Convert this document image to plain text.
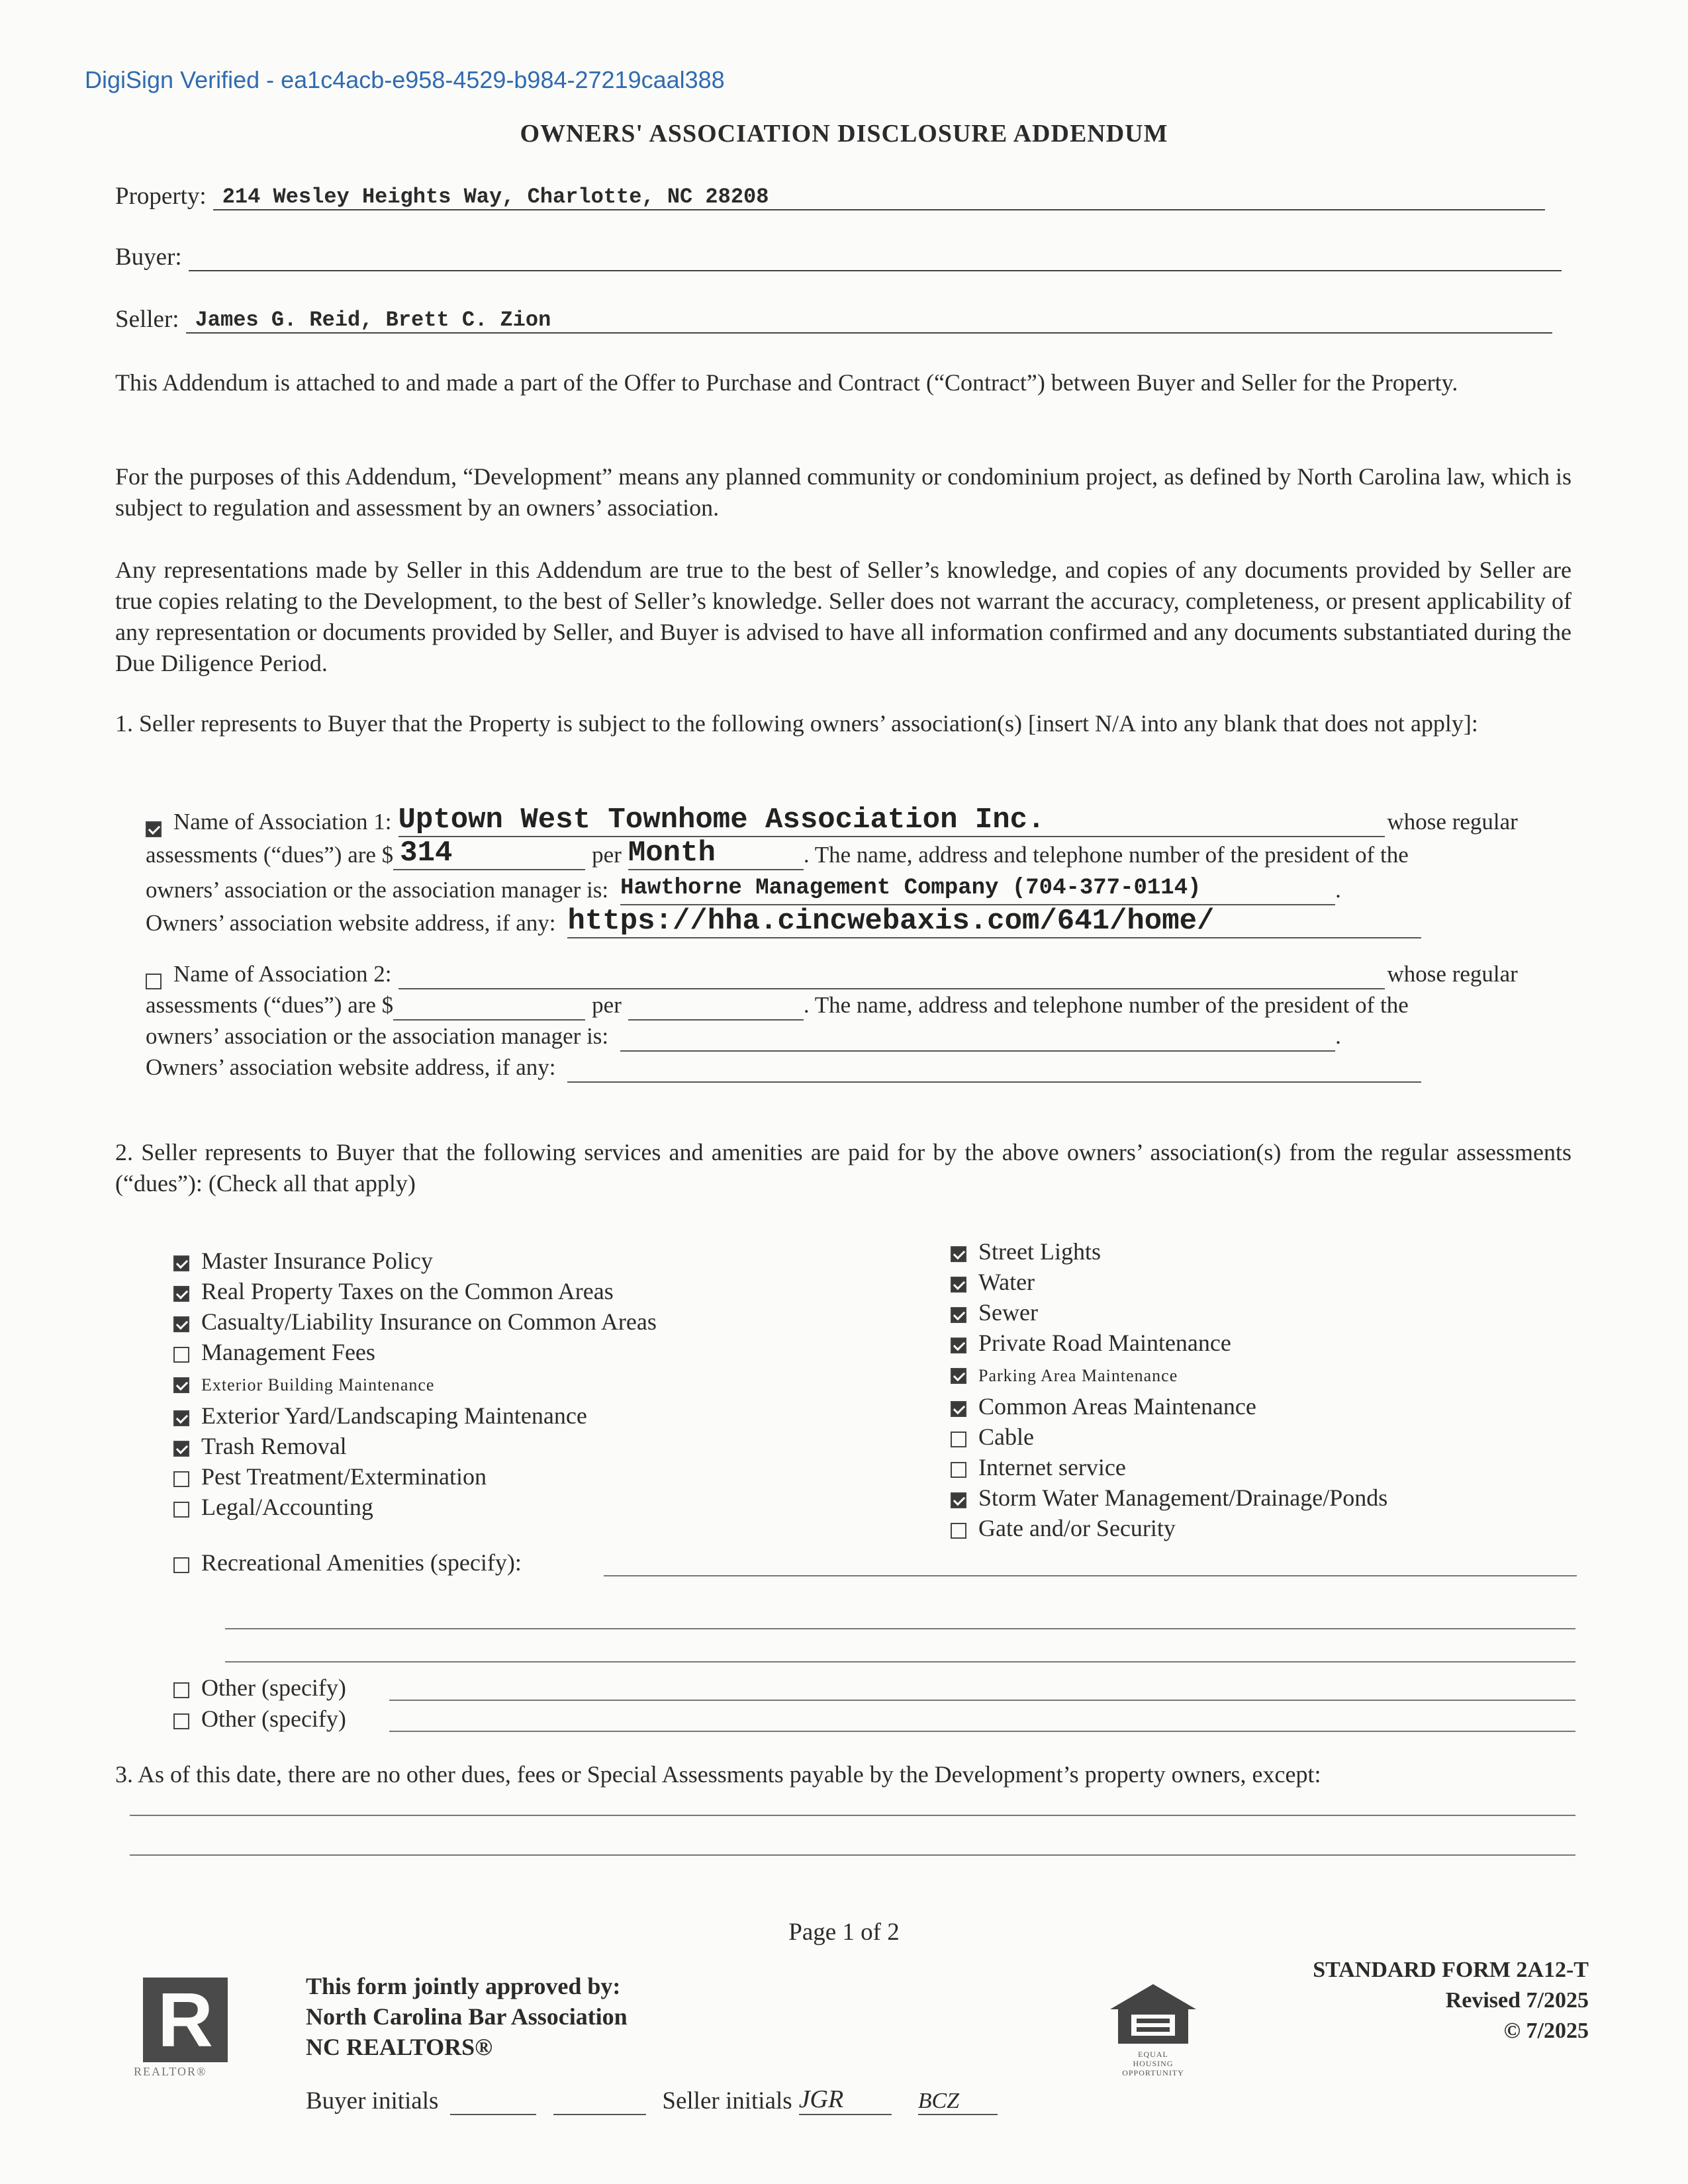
DigiSign Verified - ea1c4acb-e958-4529-b984-27219caal388
OWNERS' ASSOCIATION DISCLOSURE ADDENDUM
Property: 214 Wesley Heights Way, Charlotte, NC 28208
Buyer:
Seller: James G. Reid, Brett C. Zion
This Addendum is attached to and made a part of the Offer to Purchase and Contract (“Contract”) between Buyer and Seller for the Property.
For the purposes of this Addendum, “Development” means any planned community or condominium project, as defined by North Carolina law, which is subject to regulation and assessment by an owners’ association.
Any representations made by Seller in this Addendum are true to the best of Seller’s knowledge, and copies of any documents provided by Seller are true copies relating to the Development, to the best of Seller’s knowledge. Seller does not warrant the accuracy, completeness, or present applicability of any representation or documents provided by Seller, and Buyer is advised to have all information confirmed and any documents substantiated during the Due Diligence Period.
1. Seller represents to Buyer that the Property is subject to the following owners’ association(s) [insert N/A into any blank that does not apply]:
Name of Association 1: Uptown West Townhome Association Inc.	whose regular
assessments (“dues”) are $ 314	per Month	. The name, address and telephone number of the president of the
owners’ association or the association manager is: Hawthorne Management Company (704-377-0114)	.
Owners’ association website address, if any: https://hha.cincwebaxis.com/641/home/
Name of Association 2:	whose regular
assessments (“dues”) are $	per	. The name, address and telephone number of the president of the
owners’ association or the association manager is:	.
Owners’ association website address, if any:
2. Seller represents to Buyer that the following services and amenities are paid for by the above owners’ association(s) from the regular assessments (“dues”): (Check all that apply)
Master Insurance Policy
Real Property Taxes on the Common Areas
Casualty/Liability Insurance on Common Areas
Management Fees
Exterior Building Maintenance
Exterior Yard/Landscaping Maintenance
Trash Removal
Pest Treatment/Extermination
Legal/Accounting
Street Lights
Water
Sewer
Private Road Maintenance
Parking Area Maintenance
Common Areas Maintenance
Cable
Internet service
Storm Water Management/Drainage/Ponds
Gate and/or Security
Recreational Amenities (specify):
Other (specify)
Other (specify)
3. As of this date, there are no other dues, fees or Special Assessments payable by the Development’s property owners, except:
Page 1 of 2
R
REALTOR®
This form jointly approved by:
North Carolina Bar Association
NC REALTORS®	EQUAL HOUSING OPPORTUNITY
STANDARD FORM 2A12-T
Revised 7/2025
© 7/2025
Buyer initials	Seller initials JGR	BCZ
